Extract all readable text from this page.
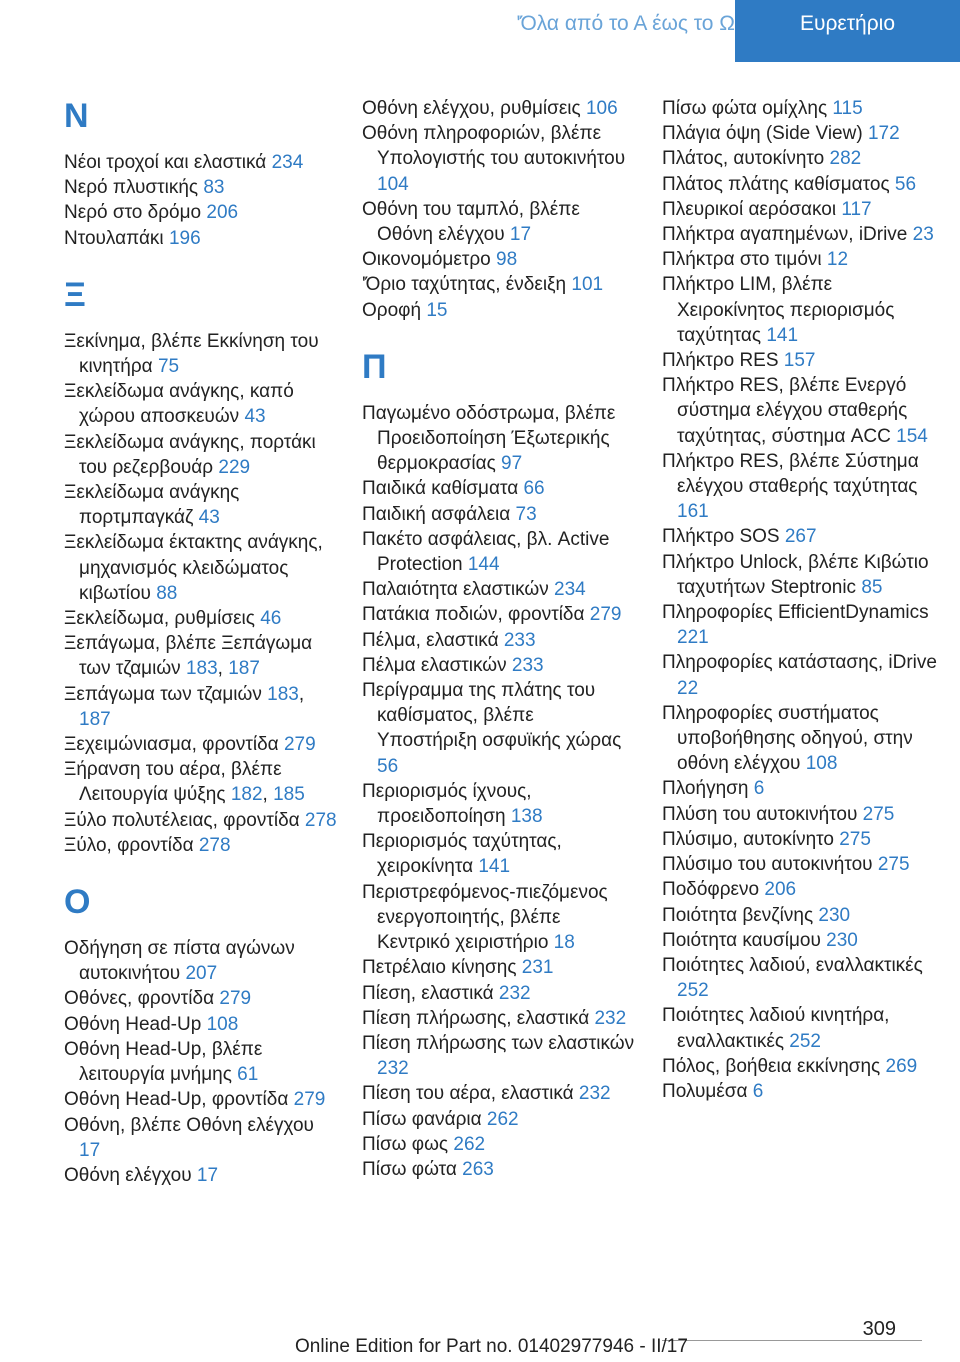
'Όλα από το Α έως το Ω	Ευρετήριο
Ν

Νέοι τροχοί και ελαστικά 234

Νερό πλυστικής 83

Νερό στο δρόμο 206

Ντουλαπάκι 196

Ξ

Ξεκίνημα, βλέπε Εκκίνηση του κινητήρα 75

Ξεκλείδωμα ανάγκης, καπό χώρου αποσκευών 43

Ξεκλείδωμα ανάγκης, πορτάκι του ρεζερβουάρ 229

Ξεκλείδωμα ανάγκης πορτμπαγκάζ 43

Ξεκλείδωμα έκτακτης ανάγκης, μηχανισμός κλειδώματος κιβωτίου 88

Ξεκλείδωμα, ρυθμίσεις 46

Ξεπάγωμα, βλέπε Ξεπάγωμα των τζαμιών 183, 187

Ξεπάγωμα των τζαμιών 183, 187

Ξεχειμώνιασμα, φροντίδα 279

Ξήρανση του αέρα, βλέπε Λειτουργία ψύξης 182, 185

Ξύλο πολυτέλειας, φροντίδα 278

Ξύλο, φροντίδα 278

Ο

Οδήγηση σε πίστα αγώνων αυτοκινήτου 207

Οθόνες, φροντίδα 279

Οθόνη Head-Up 108

Οθόνη Head-Up, βλέπε λειτουργία μνήμης 61

Οθόνη Head-Up, φροντίδα 279

Οθόνη, βλέπε Οθόνη ελέγχου 17

Οθόνη ελέγχου 17

Οθόνη ελέγχου, ρυθμίσεις 106

Οθόνη πληροφοριών, βλέπε Υπολογιστής του αυτοκινήτου 104

Οθόνη του ταμπλό, βλέπε Οθόνη ελέγχου 17

Οικονομόμετρο 98

'Όριο ταχύτητας, ένδειξη 101

Οροφή 15

Π

Παγωμένο οδόστρωμα, βλέπε Προειδοποίηση Έξωτερικής θερμοκρασίας 97

Παιδικά καθίσματα 66

Παιδική ασφάλεια 73

Πακέτο ασφάλειας, βλ. Active Protection 144

Παλαιότητα ελαστικών 234

Πατάκια ποδιών, φροντίδα 279

Πέλμα, ελαστικά 233

Πέλμα ελαστικών 233

Περίγραμμα της πλάτης του καθίσματος, βλέπε Υποστήριξη οσφυϊκής χώρας 56

Περιορισμός ίχνους, προειδοποίηση 138

Περιορισμός ταχύτητας, χειροκίνητα 141

Περιστρεφόμενος-πιεζόμενος ενεργοποιητής, βλέπε Κεντρικό χειριστήριο 18

Πετρέλαιο κίνησης 231

Πίεση, ελαστικά 232

Πίεση πλήρωσης, ελαστικά 232

Πίεση πλήρωσης των ελαστικών 232

Πίεση του αέρα, ελαστικά 232

Πίσω φανάρια 262

Πίσω φως 262

Πίσω φώτα 263

Πίσω φώτα ομίχλης 115

Πλάγια όψη (Side View) 172

Πλάτος, αυτοκίνητο 282

Πλάτος πλάτης καθίσματος 56

Πλευρικοί αερόσακοι 117

Πλήκτρα αγαπημένων, iDrive 23

Πλήκτρα στο τιμόνι 12

Πλήκτρο LIM, βλέπε Χειροκίνητος περιορισμός ταχύτητας 141

Πλήκτρο RES 157

Πλήκτρο RES, βλέπε Ενεργό σύστημα ελέγχου σταθερής ταχύτητας, σύστημα ACC 154

Πλήκτρο RES, βλέπε Σύστημα ελέγχου σταθερής ταχύτητας 161

Πλήκτρο SOS 267

Πλήκτρο Unlock, βλέπε Κιβώτιο ταχυτήτων Steptronic 85

Πληροφορίες EfficientDynamics 221

Πληροφορίες κατάστασης, iDrive 22

Πληροφορίες συστήματος υποβοήθησης οδηγού, στην οθόνη ελέγχου 108

Πλοήγηση 6

Πλύση του αυτοκινήτου 275

Πλύσιμο, αυτοκίνητο 275

Πλύσιμο του αυτοκινήτου 275

Ποδόφρενο 206

Ποιότητα βενζίνης 230

Ποιότητα καυσίμου 230

Ποιότητες λαδιού, εναλλακτικές 252

Ποιότητες λαδιού κινητήρα, εναλλακτικές 252

Πόλος, βοήθεια εκκίνησης 269

Πολυμέσα 6

309
Online Edition for Part no. 01402977946 - II/17
